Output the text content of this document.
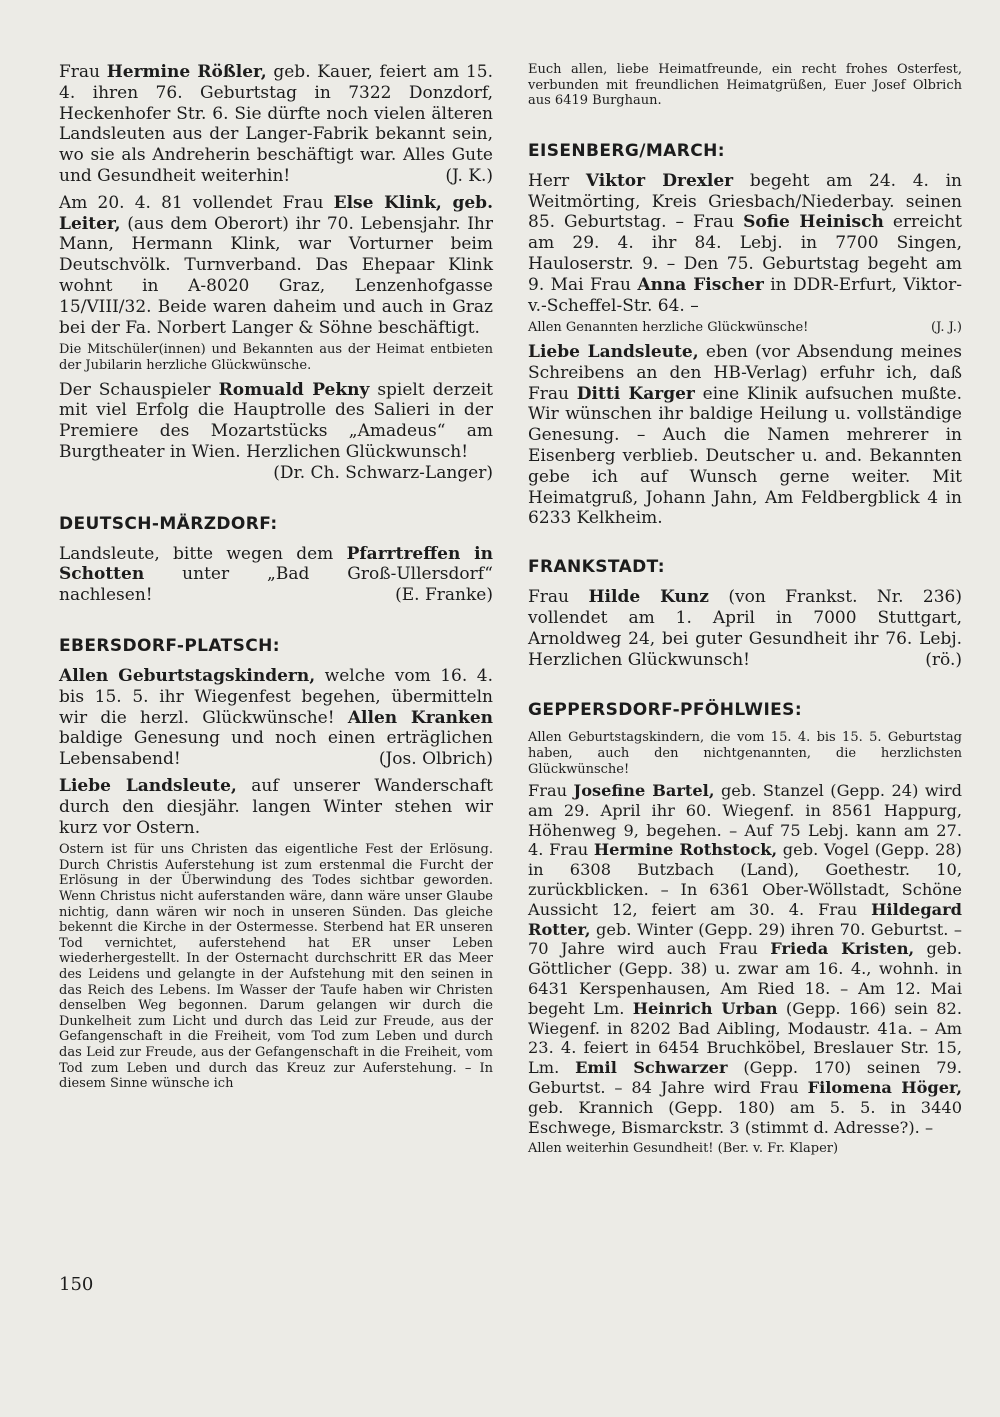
Frau Hermine Rößler, geb. Kauer, feiert am 15. 4. ihren 76. Geburtstag in 7322 Donzdorf, Heckenhofer Str. 6. Sie dürfte noch vielen älteren Landsleuten aus der Langer-Fabrik bekannt sein, wo sie als Andreherin beschäftigt war. Alles Gute und Gesundheit weiterhin!	(J. K.)

Am 20. 4. 81 vollendet Frau Else Klink, geb. Leiter, (aus dem Oberort) ihr 70. Lebensjahr. Ihr Mann, Hermann Klink, war Vorturner beim Deutschvölk. Turnverband. Das Ehepaar Klink wohnt in A-8020 Graz, Lenzenhofgasse 15/VIII/32. Beide waren daheim und auch in Graz bei der Fa. Norbert Langer & Söhne beschäftigt.

Die Mitschüler(innen) und Bekannten aus der Heimat entbieten der Jubilarin herzliche Glückwünsche.

Der Schauspieler Romuald Pekny spielt derzeit mit viel Erfolg die Hauptrolle des Salieri in der Premiere des Mozartstücks „Amadeus“ am Burgtheater in Wien. Herzlichen Glückwunsch!
(Dr. Ch. Schwarz-Langer)

DEUTSCH-MÄRZDORF:

Landsleute, bitte wegen dem Pfarrtreffen in Schotten unter „Bad Groß-Ullersdorf“ nachlesen!	(E. Franke)

EBERSDORF-PLATSCH:

Allen Geburtstagskindern, welche vom 16. 4. bis 15. 5. ihr Wiegenfest begehen, übermitteln wir die herzl. Glückwünsche! Allen Kranken baldige Genesung und noch einen erträglichen Lebensabend!	(Jos. Olbrich)

Liebe Landsleute, auf unserer Wanderschaft durch den diesjähr. langen Winter stehen wir kurz vor Ostern.

Ostern ist für uns Christen das eigentliche Fest der Erlösung. Durch Christis Auferstehung ist zum erstenmal die Furcht der Erlösung in der Überwindung des Todes sichtbar geworden. Wenn Christus nicht auferstanden wäre, dann wäre unser Glaube nichtig, dann wären wir noch in unseren Sünden. Das gleiche bekennt die Kirche in der Ostermesse. Sterbend hat ER unseren Tod vernichtet, auferstehend hat ER unser Leben wiederhergestellt. In der Osternacht durchschritt ER das Meer des Leidens und gelangte in der Aufstehung mit den seinen in das Reich des Lebens. Im Wasser der Taufe haben wir Christen denselben Weg begonnen. Darum gelangen wir durch die Dunkelheit zum Licht und durch das Leid zur Freude, aus der Gefangenschaft in die Freiheit, vom Tod zum Leben und durch das Leid zur Freude, aus der Gefangenschaft in die Freiheit, vom Tod zum Leben und durch das Kreuz zur Auferstehung. – In diesem Sinne wünsche ich

Euch allen, liebe Heimatfreunde, ein recht frohes Osterfest, verbunden mit freundlichen Heimatgrüßen, Euer Josef Olbrich aus 6419 Burghaun.

EISENBERG/MARCH:

Herr Viktor Drexler begeht am 24. 4. in Weitmörting, Kreis Griesbach/Niederbay. seinen 85. Geburtstag. – Frau Sofie Heinisch erreicht am 29. 4. ihr 84. Lebj. in 7700 Singen, Hauloserstr. 9. – Den 75. Geburtstag begeht am 9. Mai Frau Anna Fischer in DDR-Erfurt, Viktor-v.-Scheffel-Str. 64. –

Allen Genannten herzliche Glückwünsche!	(J. J.)

Liebe Landsleute, eben (vor Absendung meines Schreibens an den HB-Verlag) erfuhr ich, daß Frau Ditti Karger eine Klinik aufsuchen mußte. Wir wünschen ihr baldige Heilung u. vollständige Genesung. – Auch die Namen mehrerer in Eisenberg verblieb. Deutscher u. and. Bekannten gebe ich auf Wunsch gerne weiter. Mit Heimatgruß, Johann Jahn, Am Feldbergblick 4 in 6233 Kelkheim.

FRANKSTADT:

Frau Hilde Kunz (von Frankst. Nr. 236) vollendet am 1. April in 7000 Stuttgart, Arnoldweg 24, bei guter Gesundheit ihr 76. Lebj. Herzlichen Glückwunsch!	(rö.)

GEPPERSDORF-PFÖHLWIES:

Allen Geburtstagskindern, die vom 15. 4. bis 15. 5. Geburtstag haben, auch den nichtgenannten, die herzlichsten Glückwünsche!

Frau Josefine Bartel, geb. Stanzel (Gepp. 24) wird am 29. April ihr 60. Wiegenf. in 8561 Happurg, Höhenweg 9, begehen. – Auf 75 Lebj. kann am 27. 4. Frau Hermine Rothstock, geb. Vogel (Gepp. 28) in 6308 Butzbach (Land), Goethestr. 10, zurückblicken. – In 6361 Ober-Wöllstadt, Schöne Aussicht 12, feiert am 30. 4. Frau Hildegard Rotter, geb. Winter (Gepp. 29) ihren 70. Geburtst. – 70 Jahre wird auch Frau Frieda Kristen, geb. Göttlicher (Gepp. 38) u. zwar am 16. 4., wohnh. in 6431 Kerspenhausen, Am Ried 18. – Am 12. Mai begeht Lm. Heinrich Urban (Gepp. 166) sein 82. Wiegenf. in 8202 Bad Aibling, Modaustr. 41a. – Am 23. 4. feiert in 6454 Bruchköbel, Breslauer Str. 15, Lm. Emil Schwarzer (Gepp. 170) seinen 79. Geburtst. – 84 Jahre wird Frau Filomena Höger, geb. Krannich (Gepp. 180) am 5. 5. in 3440 Eschwege, Bismarckstr. 3 (stimmt d. Adresse?). –

Allen weiterhin Gesundheit! (Ber. v. Fr. Klaper)

150
